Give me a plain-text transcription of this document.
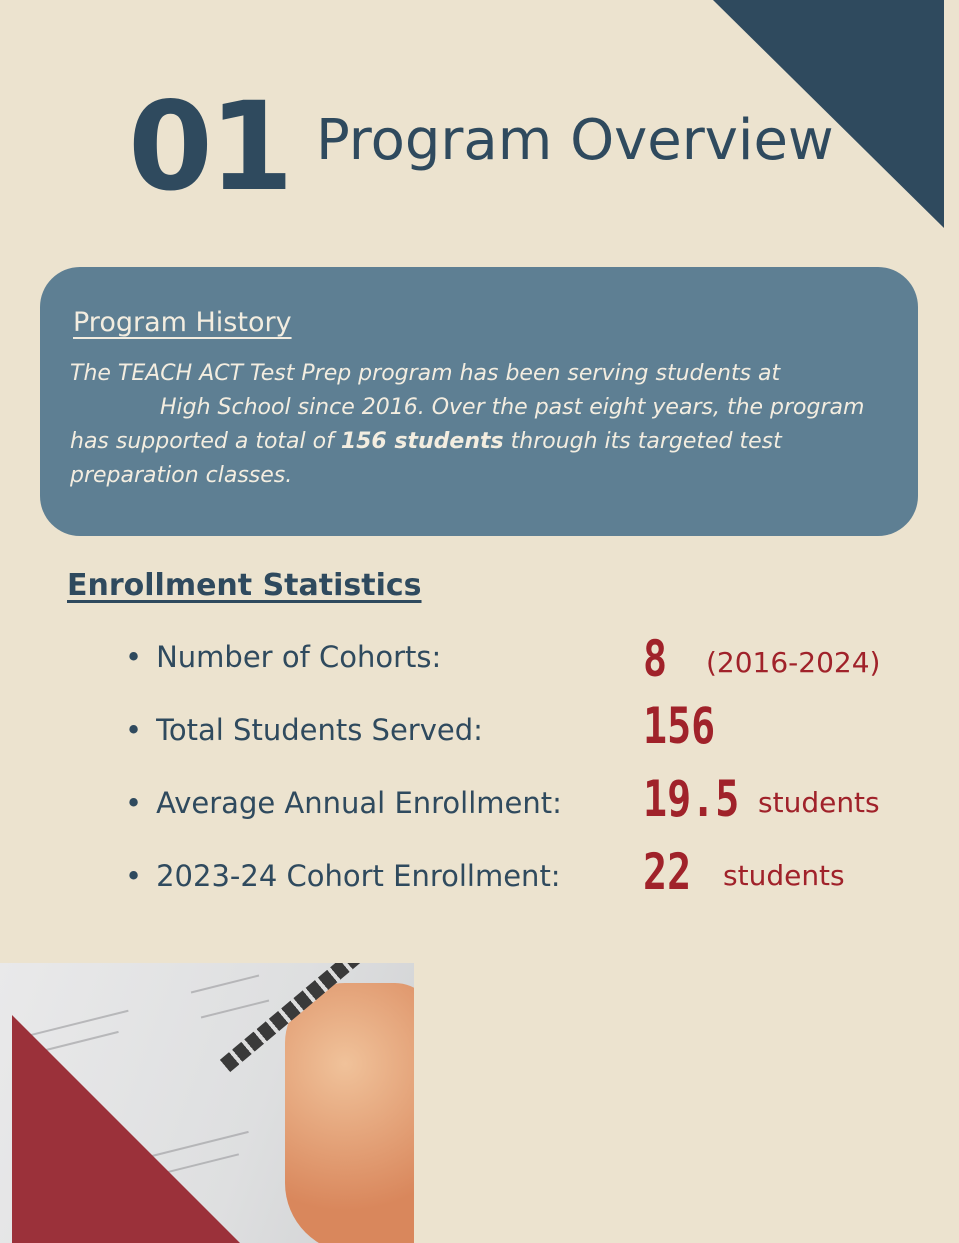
01 Program Overview
Program History

The TEACH ACT Test Prep program has been serving students at
High School since 2016. Over the past eight years, the program has supported a total of 156 students through its targeted test preparation classes.

Enrollment Statistics
• Number of Cohorts:	8 (2016-2024)
• Total Students Served:	156
• Average Annual Enrollment: 19.5 students
• 2023-24 Cohort Enrollment: 22 students
